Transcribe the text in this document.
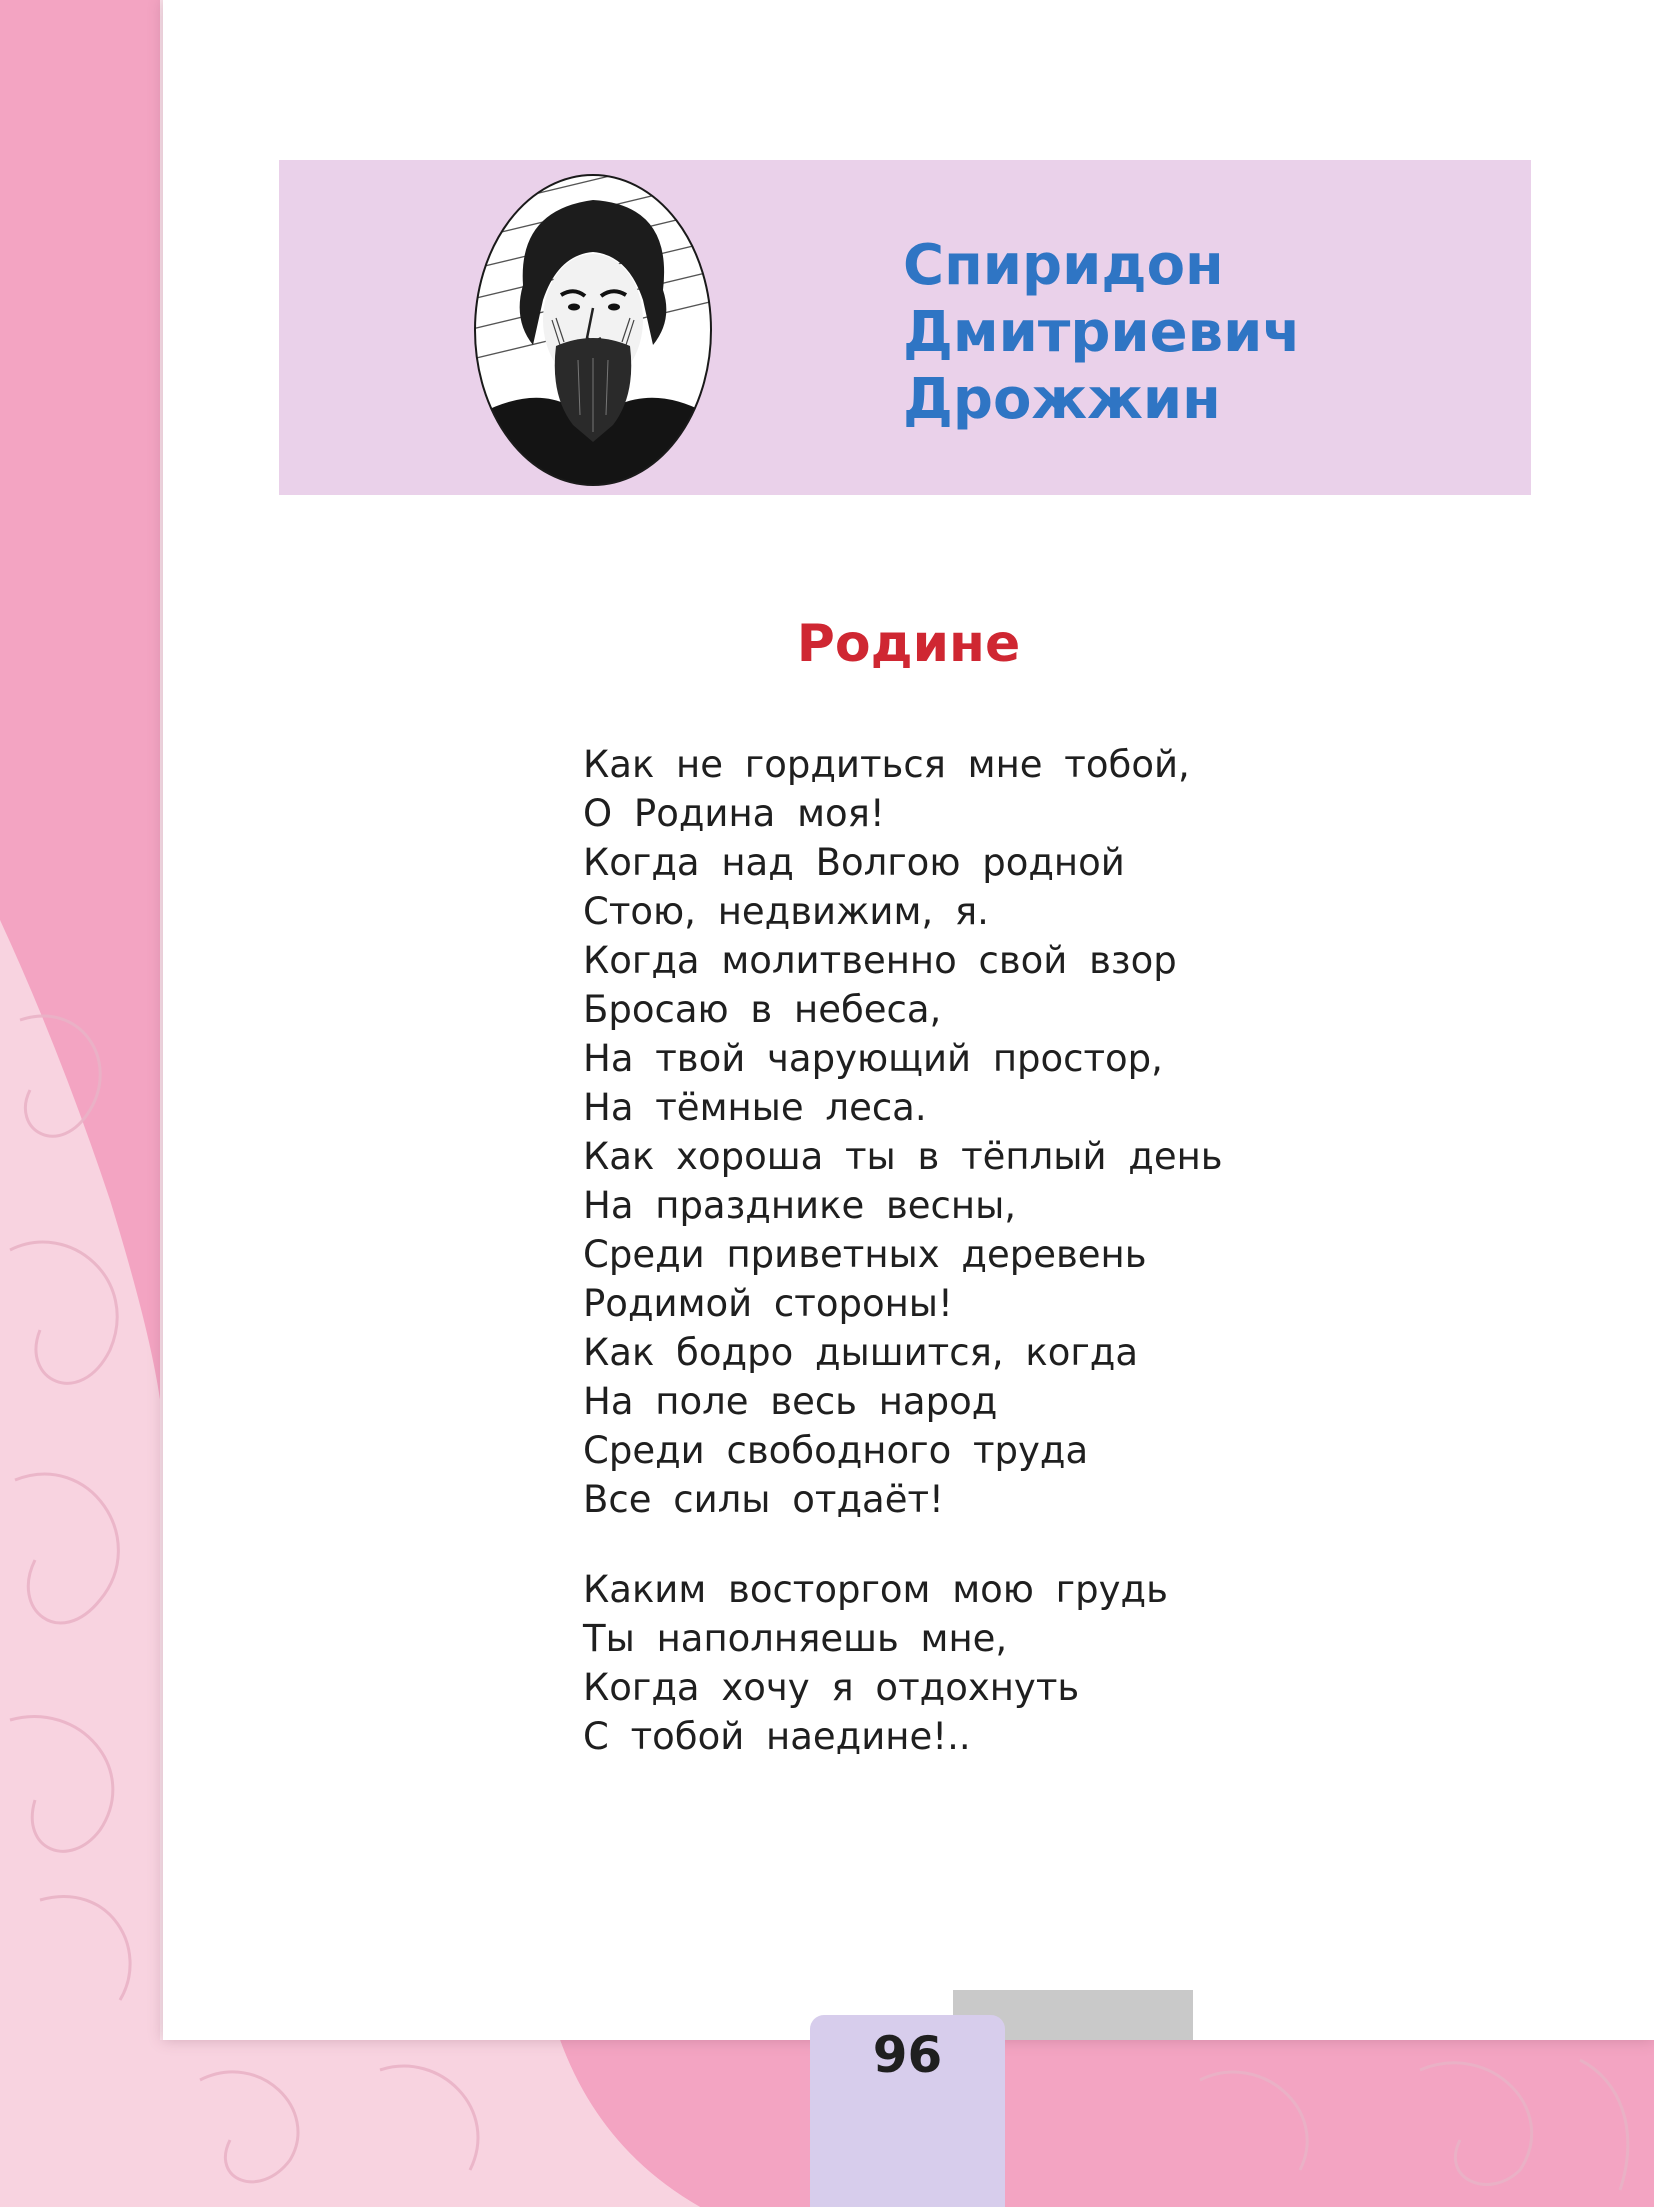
Спиридон
Дмитриевич
Дрожжин
Родине

Как не гордиться мне тобой,
О Родина моя!
Когда над Волгою родной
Стою, недвижим, я.

Когда молитвенно свой взор
Бросаю в небеса,
На твой чарующий простор,
На тёмные леса.

Как хороша ты в тёплый день
На празднике весны,
Среди приветных деревень
Родимой стороны!

Как бодро дышится, когда
На поле весь народ
Среди свободного труда
Все силы отдаёт!

Каким восторгом мою грудь
Ты наполняешь мне,
Когда хочу я отдохнуть
С тобой наедине!..

96
